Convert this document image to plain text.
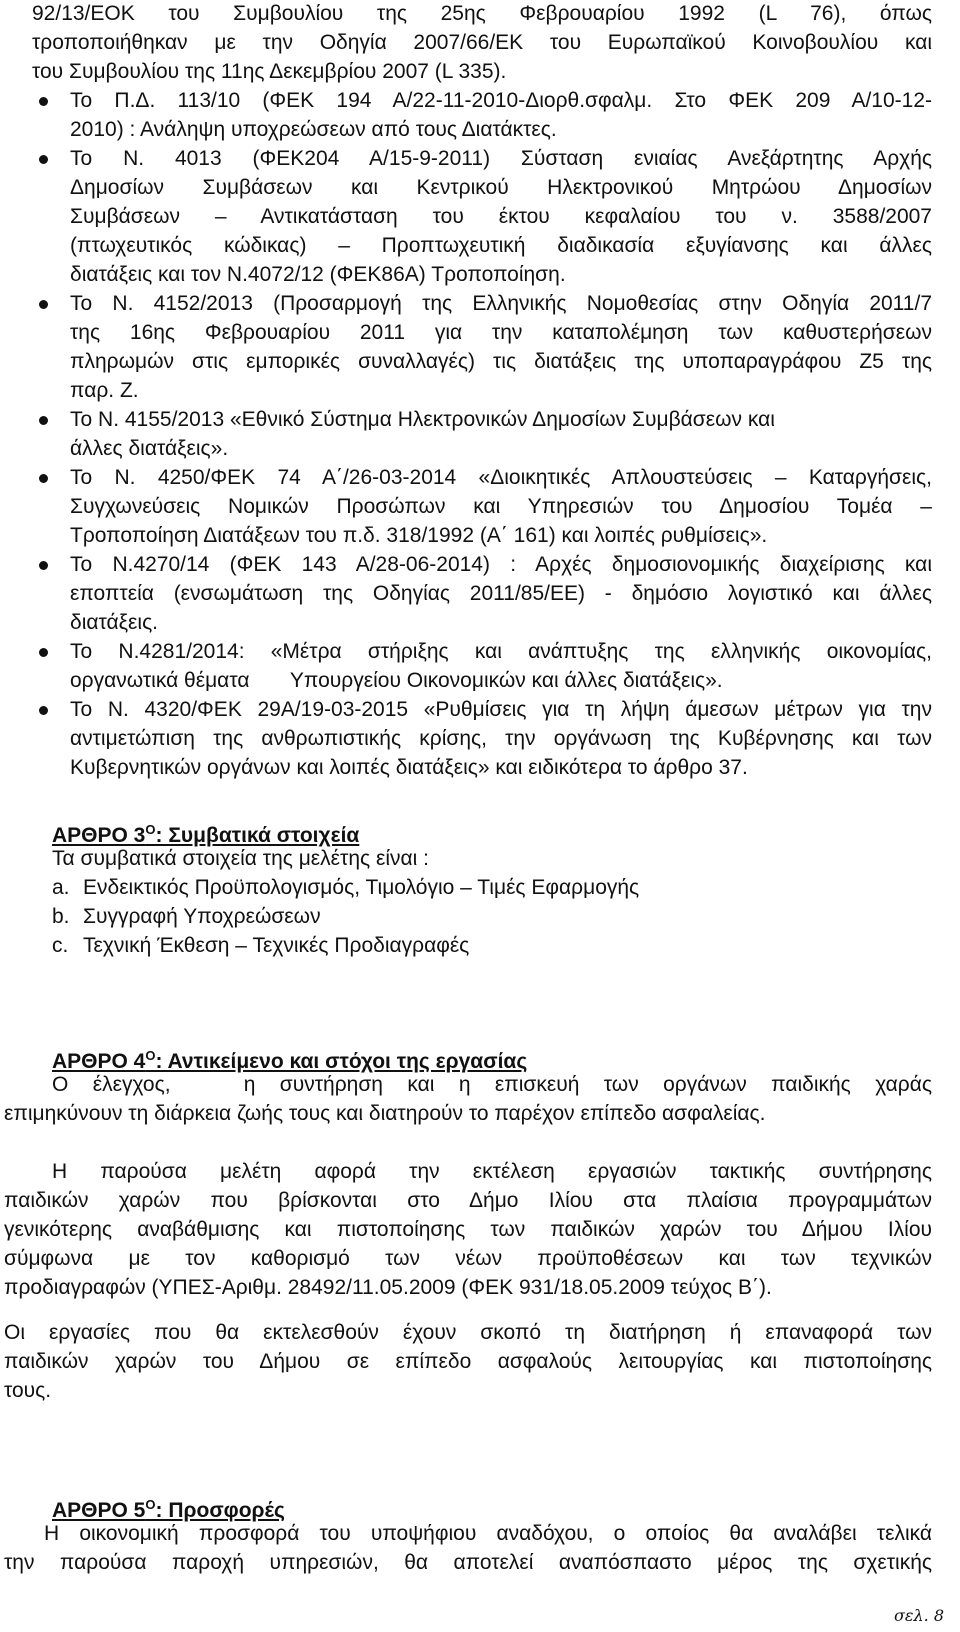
92/13/ΕΟΚ του Συμβουλίου της 25ης Φεβρουαρίου 1992 (L 76), όπως
τροποποιήθηκαν με την Οδηγία 2007/66/ΕΚ του Ευρωπαϊκού Κοινοβουλίου και
του Συμβουλίου της 11ης Δεκεμβρίου 2007 (L 335).
Το Π.Δ. 113/10 (ΦΕΚ 194 Α/22-11-2010-Διορθ.σφαλμ. Στο ΦΕΚ 209 Α/10-12-
2010) : Ανάληψη υποχρεώσεων από τους Διατάκτες.
Το Ν. 4013 (ΦΕΚ204 Α/15-9-2011) Σύσταση ενιαίας Ανεξάρτητης Αρχής
Δημοσίων Συμβάσεων και Κεντρικού Ηλεκτρονικού Μητρώου Δημοσίων
Συμβάσεων – Αντικατάσταση του έκτου κεφαλαίου του ν. 3588/2007
(πτωχευτικός κώδικας) – Προπτωχευτική διαδικασία εξυγίανσης και άλλες
διατάξεις και τον Ν.4072/12 (ΦΕΚ86Α) Τροποποίηση.
Το Ν. 4152/2013 (Προσαρμογή της Ελληνικής Νομοθεσίας στην Οδηγία 2011/7
της 16ης Φεβρουαρίου 2011 για την καταπολέμηση των καθυστερήσεων
πληρωμών στις εμπορικές συναλλαγές) τις διατάξεις της υποπαραγράφου Ζ5 της
παρ. Ζ.
Το Ν. 4155/2013 «Εθνικό Σύστημα Ηλεκτρονικών Δημοσίων Συμβάσεων και
άλλες διατάξεις».
Το Ν. 4250/ΦΕΚ 74 Α΄/26-03-2014 «Διοικητικές Απλουστεύσεις – Καταργήσεις,
Συγχωνεύσεις Νομικών Προσώπων και Υπηρεσιών του Δημοσίου Τομέα –
Τροποποίηση Διατάξεων του π.δ. 318/1992 (Α΄ 161) και λοιπές ρυθμίσεις».
Το Ν.4270/14 (ΦΕΚ 143 Α/28-06-2014) : Αρχές δημοσιονομικής διαχείρισης και
εποπτεία (ενσωμάτωση της Οδηγίας 2011/85/ΕΕ) - δημόσιο λογιστικό και άλλες
διατάξεις.
Το Ν.4281/2014: «Μέτρα στήριξης και ανάπτυξης της ελληνικής οικονομίας,
οργανωτικά θέματα       Υπουργείου Οικονομικών και άλλες διατάξεις».
Το Ν. 4320/ΦΕΚ 29Α/19-03-2015 «Ρυθμίσεις για τη λήψη άμεσων μέτρων για την
αντιμετώπιση της ανθρωπιστικής κρίσης, την οργάνωση της Κυβέρνησης και των
Κυβερνητικών οργάνων και λοιπές διατάξεις» και ειδικότερα το άρθρο 37.
ΑΡΘΡΟ $3^O$: Συμβατικά στοιχεία
Τα συμβατικά στοιχεία της μελέτης είναι :
a. Ενδεικτικός Προϋπολογισμός, Τιμολόγιο – Τιμές Εφαρμογής
b. Συγγραφή Υποχρεώσεων
c. Τεχνική Έκθεση – Τεχνικές Προδιαγραφές
ΑΡΘΡΟ $4^O$: Αντικείμενο και στόχοι της εργασίας
Ο έλεγχος,   η συντήρηση και η επισκευή των οργάνων παιδικής χαράς
επιμηκύνουν τη διάρκεια ζωής τους και διατηρούν το παρέχον επίπεδο ασφαλείας.
Η παρούσα μελέτη αφορά την εκτέλεση εργασιών τακτικής συντήρησης
παιδικών χαρών που βρίσκονται στο Δήμο Ιλίου στα πλαίσια προγραμμάτων
γενικότερης αναβάθμισης και πιστοποίησης των παιδικών χαρών του Δήμου Ιλίου
σύμφωνα με τον καθορισμό των νέων προϋποθέσεων και των τεχνικών
προδιαγραφών (ΥΠΕΣ-Αριθμ. 28492/11.05.2009 (ΦΕΚ 931/18.05.2009 τεύχος Β΄).
Οι εργασίες που θα εκτελεσθούν έχουν σκοπό τη διατήρηση ή επαναφορά των
παιδικών χαρών του Δήμου σε επίπεδο ασφαλούς λειτουργίας και πιστοποίησης
τους.
ΑΡΘΡΟ $5^O$: Προσφορές
Η οικονομική προσφορά του υποψήφιου αναδόχου, ο οποίος θα αναλάβει τελικά
την παρούσα παροχή υπηρεσιών, θα αποτελεί αναπόσπαστο μέρος της σχετικής
σελ. 8
